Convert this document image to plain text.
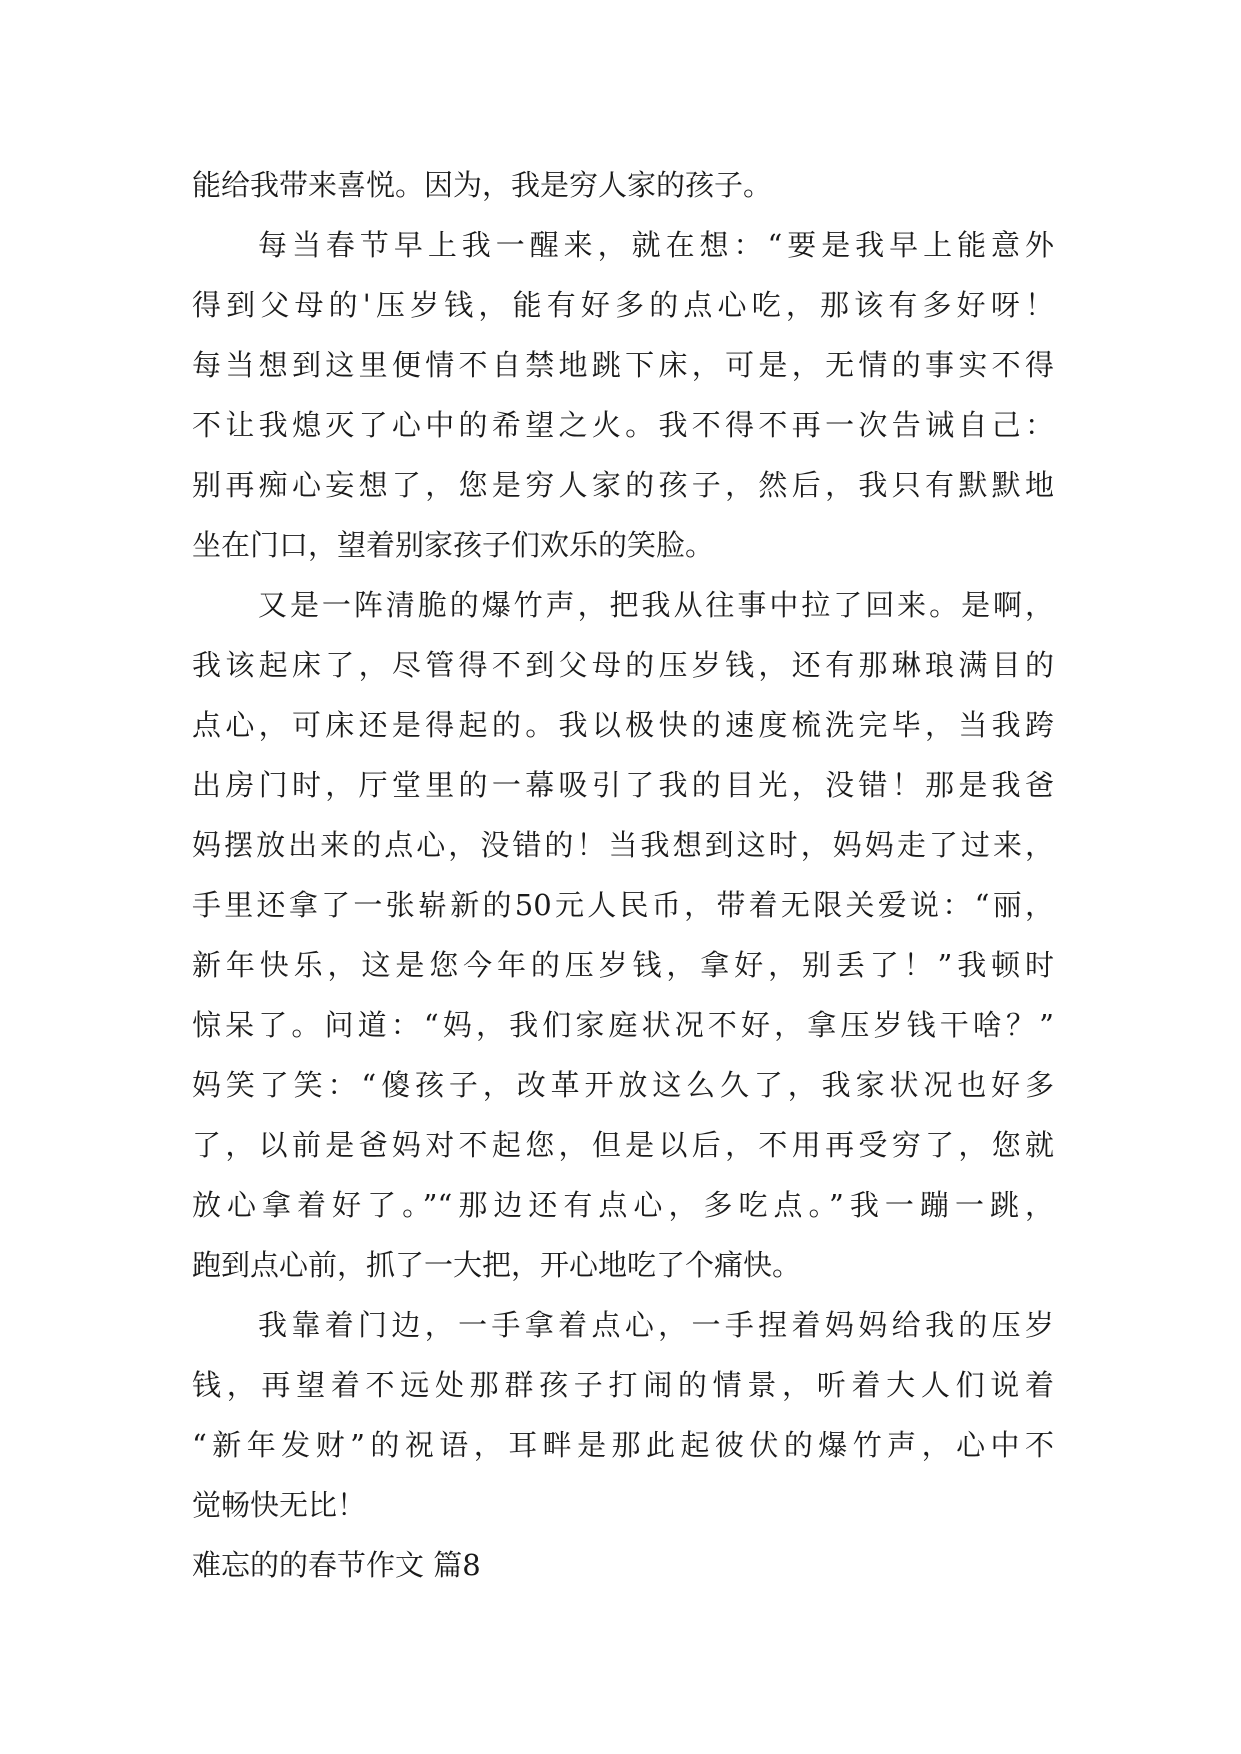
能给我带来喜悦。因为，我是穷人家的孩子。
每当春节早上我一醒来，就在想：“要是我早上能意外
得到父母的'压岁钱，能有好多的点心吃，那该有多好呀！
每当想到这里便情不自禁地跳下床，可是，无情的事实不得
不让我熄灭了心中的希望之火。我不得不再一次告诫自己：
别再痴心妄想了，您是穷人家的孩子，然后，我只有默默地
坐在门口，望着别家孩子们欢乐的笑脸。
又是一阵清脆的爆竹声，把我从往事中拉了回来。是啊，
我该起床了，尽管得不到父母的压岁钱，还有那琳琅满目的
点心，可床还是得起的。我以极快的速度梳洗完毕，当我跨
出房门时，厅堂里的一幕吸引了我的目光，没错！那是我爸
妈摆放出来的点心，没错的！当我想到这时，妈妈走了过来，
手里还拿了一张崭新的50元人民币，带着无限关爱说：“丽，
新年快乐，这是您今年的压岁钱，拿好，别丢了！”我顿时
惊呆了。问道：“妈，我们家庭状况不好，拿压岁钱干啥？”
妈笑了笑：“傻孩子，改革开放这么久了，我家状况也好多
了，以前是爸妈对不起您，但是以后，不用再受穷了，您就
放心拿着好了。”“那边还有点心，多吃点。”我一蹦一跳，
跑到点心前，抓了一大把，开心地吃了个痛快。
我靠着门边，一手拿着点心，一手捏着妈妈给我的压岁
钱，再望着不远处那群孩子打闹的情景，听着大人们说着
“新年发财”的祝语，耳畔是那此起彼伏的爆竹声，心中不
觉畅快无比！
难忘的的春节作文 篇8
